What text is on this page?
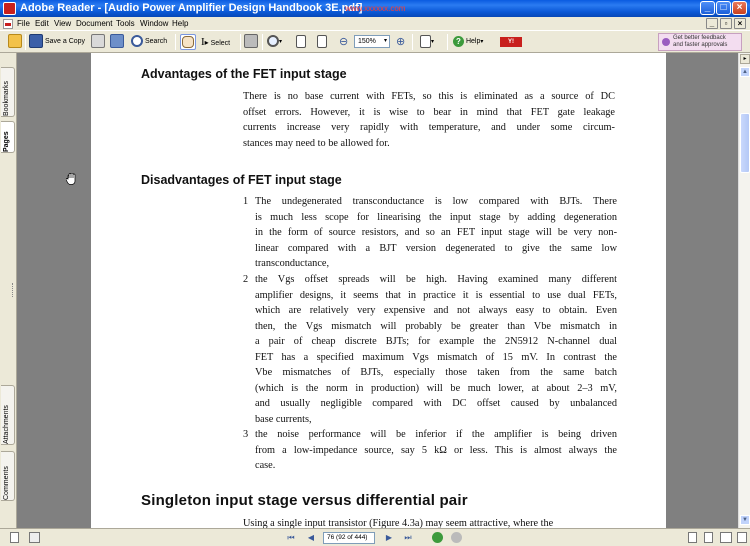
Adobe Reader - [Audio Power Amplifier Design Handbook 3E.pdf]
www.xxxxxx.com	_	□	×
File Edit View Document Tools Window Help	_	▫	×
Save a Copy	Search	I▸ Select	▾	⊖	150% ▾ ⊕	▾	? Help▾	Y!
Get better feedback
and faster approvals
Bookmarks
Pages
Attachments
Comments
Advantages of the FET input stage
There is no base current with FETs, so this is eliminated as a source of DC
offset errors. However, it is wise to bear in mind that FET gate leakage
currents increase very rapidly with temperature, and under some circum-
stances may need to be allowed for.
Disadvantages of FET input stage
1 The undegenerated transconductance is low compared with BJTs. There
is much less scope for linearising the input stage by adding degeneration
in the form of source resistors, and so an FET input stage will be very non-
linear compared with a BJT version degenerated to give the same low
transconductance,
2 the Vgs offset spreads will be high. Having examined many different
amplifier designs, it seems that in practice it is essential to use dual FETs,
which are relatively very expensive and not always easy to obtain. Even
then, the Vgs mismatch will probably be greater than Vbe mismatch in
a pair of cheap discrete BJTs; for example the 2N5912 N-channel dual
FET has a specified maximum Vgs mismatch of 15 mV. In contrast the
Vbe mismatches of BJTs, especially those taken from the same batch
(which is the norm in production) will be much lower, at about 2–3 mV,
and usually negligible compared with DC offset caused by unbalanced
base currents,
3 the noise performance will be inferior if the amplifier is being driven
from a low-impedance source, say 5 kΩ or less. This is almost always the
case.
Singleton input stage versus differential pair
Using a single input transistor (Figure 4.3a) may seem attractive, where the
▸
▲
▼
⏮	◀	76 (92 of 444)	▶	⏭
